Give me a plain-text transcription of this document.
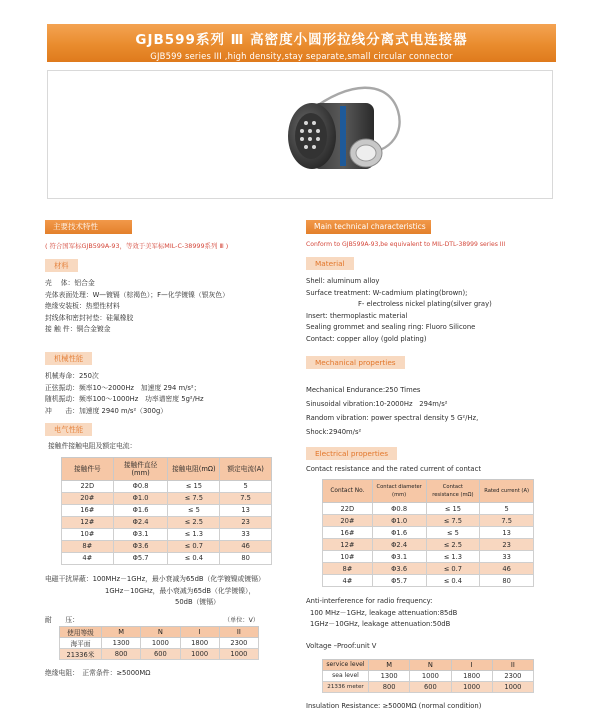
GJB599系列 Ⅲ 高密度小圆形拉线分离式电连接器
GJB599 series III ,high density,stay separate,small circular connector
主要技术特性
( 符合国军标GJB599A-93，等效于美军标MIL-C-38999系列 Ⅲ )
材料
壳　 体：铝合金
壳体表面处理：W—镀镉（棕褐色）；F—化学镀镍（银灰色）
绝缘安装板：热塑性材料
封线体和密封衬垫：硅氟橡胶
接 触 件：铜合金镀金
机械性能
机械寿命：250次
正弦振动：频率10～2000Hz　加速度 294 m/s²；
随机振动：频率100～1000Hz　功率谱密度 5g²/Hz
冲　　击：加速度 2940 m/s²（300g）
电气性能
接触件接触电阻及额定电流：
接触件号	接触件直径(mm)	接触电阻(mΩ)	额定电流(A)
22D	Φ0.8	≤ 15	5
20#	Φ1.0	≤ 7.5	7.5
16#	Φ1.6	≤ 5	13
12#	Φ2.4	≤ 2.5	23
10#	Φ3.1	≤ 1.3	33
8#	Φ3.6	≤ 0.7	46
4#	Φ5.7	≤ 0.4	80
电磁干扰屏蔽：100MHz－1GHz，最小衰减为65dB（化学镀镍或镀镉）
1GHz－10GHz，最小衰减为65dB（化学镀镍），
50dB（镀镉）
耐　　压：	（单位：V）
使用等级	M	N	I	II
海平面	1300	1000	1800	2300
21336米	800	600	1000	1000
绝缘电阻：　正常条件：≥5000MΩ
Main technical characteristics
Conform to GJB599A-93,be equivalent to MIL-DTL-38999 series III
Material
Shell: aluminum alloy
Surface treatment: W-cadmium plating(brown);
F- electroless nickel plating(silver gray)
Insert: thermoplastic material
Sealing grommet and sealing ring: Fluoro Silicone
Contact: copper alloy (gold plating)
Mechanical properties
Mechanical Endurance:250 Times
Sinusoidal vibration:10-2000Hz　294m/s²
Random vibration: power spectral density 5 G²/Hz,
Shock:2940m/s²
Electrical properties
Contact resistance and the rated current of contact
Contact No.	Contact diameter (mm)	Contact resistance (mΩ)	Rated current (A)
22D	Φ0.8	≤ 15	5
20#	Φ1.0	≤ 7.5	7.5
16#	Φ1.6	≤ 5	13
12#	Φ2.4	≤ 2.5	23
10#	Φ3.1	≤ 1.3	33
8#	Φ3.6	≤ 0.7	46
4#	Φ5.7	≤ 0.4	80
Anti-interference for radio frequency:
100 MHz－1GHz, leakage attenuation:85dB
1GHz－10GHz, leakage attenuation:50dB
Voltage –Proof:unit V
service level	M	N	I	II
sea level	1300	1000	1800	2300
21336 meter	800	600	1000	1000
Insulation Resistance: ≥5000MΩ (normal condition)
